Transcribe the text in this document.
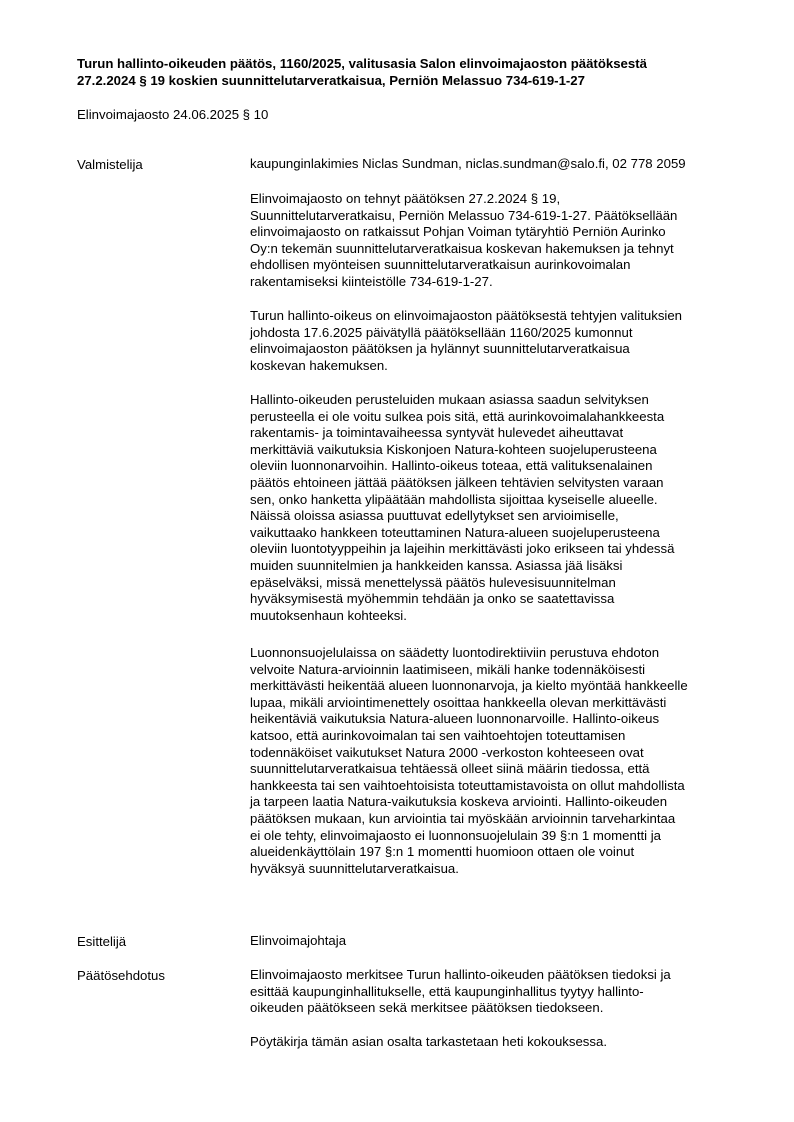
Turun hallinto-oikeuden päätös, 1160/2025, valitusasia Salon elinvoimajaoston päätöksestä
27.2.2024 § 19 koskien suunnittelutarveratkaisua, Perniön Melassuo 734-619-1-27
Elinvoimajaosto 24.06.2025 § 10
Valmistelija	kaupunginlakimies Niclas Sundman, niclas.sundman@salo.fi, 02 778 2059
Elinvoimajaosto on tehnyt päätöksen 27.2.2024 § 19,
Suunnittelutarveratkaisu, Perniön Melassuo 734-619-1-27. Päätöksellään
elinvoimajaosto on ratkaissut Pohjan Voiman tytäryhtiö Perniön Aurinko
Oy:n tekemän suunnittelutarveratkaisua koskevan hakemuksen ja tehnyt
ehdollisen myönteisen suunnittelutarveratkaisun aurinkovoimalan
rakentamiseksi kiinteistölle 734-619-1-27.
Turun hallinto-oikeus on elinvoimajaoston päätöksestä tehtyjen valituksien
johdosta 17.6.2025 päivätyllä päätöksellään 1160/2025 kumonnut
elinvoimajaoston päätöksen ja hylännyt suunnittelutarveratkaisua
koskevan hakemuksen.
Hallinto-oikeuden perusteluiden mukaan asiassa saadun selvityksen
perusteella ei ole voitu sulkea pois sitä, että aurinkovoimalahankkeesta
rakentamis- ja toimintavaiheessa syntyvät hulevedet aiheuttavat
merkittäviä vaikutuksia Kiskonjoen Natura-kohteen suojeluperusteena
oleviin luonnonarvoihin. Hallinto-oikeus toteaa, että valituksenalainen
päätös ehtoineen jättää päätöksen jälkeen tehtävien selvitysten varaan
sen, onko hanketta ylipäätään mahdollista sijoittaa kyseiselle alueelle.
Näissä oloissa asiassa puuttuvat edellytykset sen arvioimiselle,
vaikuttaako hankkeen toteuttaminen Natura-alueen suojeluperusteena
oleviin luontotyyppeihin ja lajeihin merkittävästi joko erikseen tai yhdessä
muiden suunnitelmien ja hankkeiden kanssa. Asiassa jää lisäksi
epäselväksi, missä menettelyssä päätös hulevesisuunnitelman
hyväksymisestä myöhemmin tehdään ja onko se saatettavissa
muutoksenhaun kohteeksi.
Luonnonsuojelulaissa on säädetty luontodirektiiviin perustuva ehdoton
velvoite Natura-arvioinnin laatimiseen, mikäli hanke todennäköisesti
merkittävästi heikentää alueen luonnonarvoja, ja kielto myöntää hankkeelle
lupaa, mikäli arviointimenettely osoittaa hankkeella olevan merkittävästi
heikentäviä vaikutuksia Natura-alueen luonnonarvoille. Hallinto-oikeus
katsoo, että aurinkovoimalan tai sen vaihtoehtojen toteuttamisen
todennäköiset vaikutukset Natura 2000 -verkoston kohteeseen ovat
suunnittelutarveratkaisua tehtäessä olleet siinä määrin tiedossa, että
hankkeesta tai sen vaihtoehtoisista toteuttamistavoista on ollut mahdollista
ja tarpeen laatia Natura-vaikutuksia koskeva arviointi. Hallinto-oikeuden
päätöksen mukaan, kun arviointia tai myöskään arvioinnin tarveharkintaa
ei ole tehty, elinvoimajaosto ei luonnonsuojelulain 39 §:n 1 momentti ja
alueidenkäyttölain 197 §:n 1 momentti huomioon ottaen ole voinut
hyväksyä suunnittelutarveratkaisua.
Esittelijä	Elinvoimajohtaja
Päätösehdotus	Elinvoimajaosto merkitsee Turun hallinto-oikeuden päätöksen tiedoksi ja
esittää kaupunginhallitukselle, että kaupunginhallitus tyytyy hallinto-
oikeuden päätökseen sekä merkitsee päätöksen tiedokseen.
Pöytäkirja tämän asian osalta tarkastetaan heti kokouksessa.
